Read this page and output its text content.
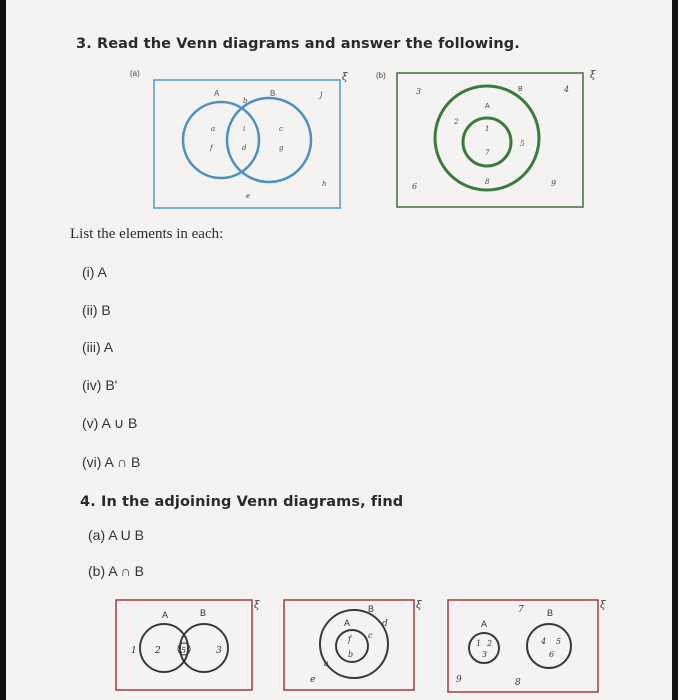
3. Read the Venn diagrams and answer the following.
(a)	ξ
A	B
b
j
a
f
i
d
c
g
h
e
(b)	ξ
A
B
3	4
2
1
7
5
8
6	9
List the elements in each:
(i) A
(ii) B
(iii) A
(iv) B'
(v) A ∪ B
(vi) A ∩ B
4. In the adjoining Venn diagrams, find
(a) A U B
(b) A ∩ B
ξ
A	B
1 2	5	3
ξ
A
B
d
c
f
b
a
e
ξ
A
B
7
1 2
3
4 5
6
9	8
